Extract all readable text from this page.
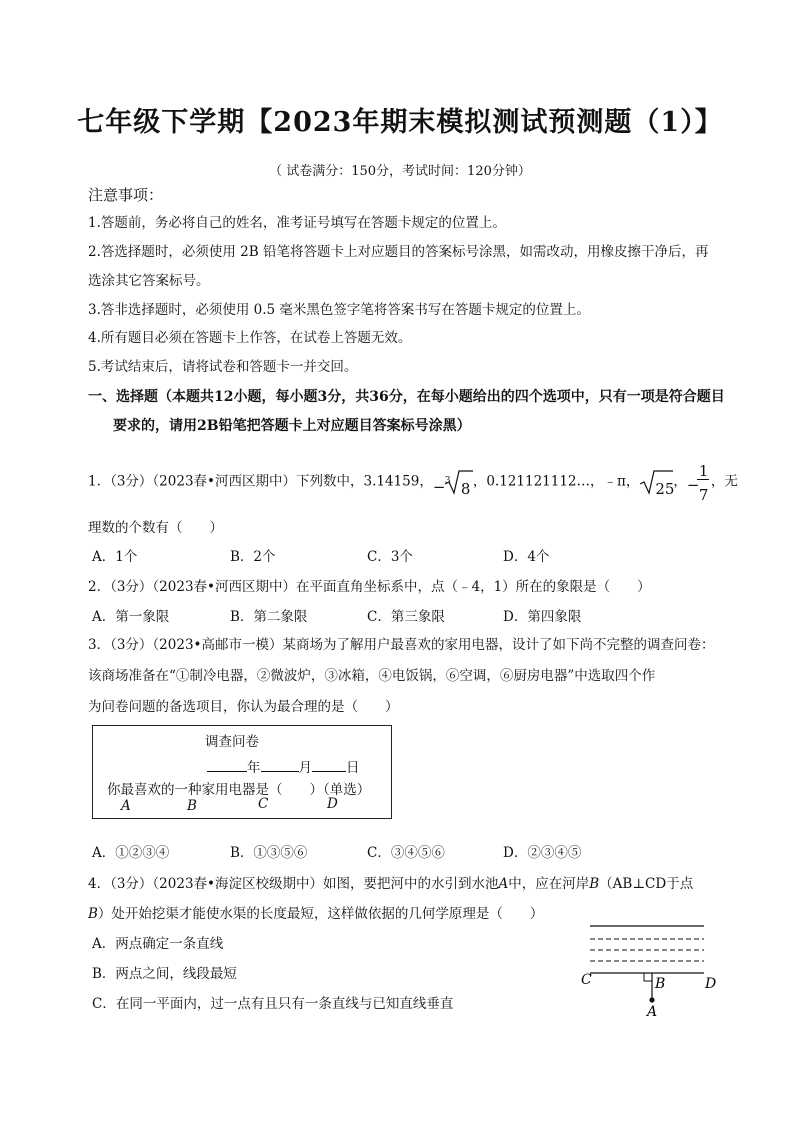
七年级下学期【2023年期末模拟测试预测题（1）】
（ 试卷满分：150分，考试时间：120分钟）
注意事项：
1.答题前，务必将自己的姓名，准考证号填写在答题卡规定的位置上。
2.答选择题时，必须使用 2B 铅笔将答题卡上对应题目的答案标号涂黑，如需改动，用橡皮擦干净后，再
选涂其它答案标号。
3.答非选择题时，必须使用 0.5 毫米黑色签字笔将答案书写在答题卡规定的位置上。
4.所有题目必须在答题卡上作答，在试卷上答题无效。
5.考试结束后，请将试卷和答题卡一并交回。
一、选择题（本题共12小题，每小题3分，共36分，在每小题给出的四个选项中，只有一项是符合题目
要求的，请用2B铅笔把答题卡上对应题目答案标号涂黑）
1．（3分）（2023春•河西区期中）下列数中，3.14159， − 3 8 ，0.121121112…，﹣π， 25
， −
1
7
，无
理数的个数有（　　）
A．1个	B．2个	C．3个	D．4个
2．（3分）（2023春•河西区期中）在平面直角坐标系中，点（﹣4，1）所在的象限是（　　）
A．第一象限	B．第二象限	C．第三象限	D．第四象限
3．（3分）（2023•高邮市一模）某商场为了解用户最喜欢的家用电器，设计了如下尚不完整的调查问卷：
该商场准备在“①制冷电器，②微波炉，③冰箱，④电饭锅，⑥空调，⑥厨房电器”中选取四个作
为问卷问题的备选项目，你认为最合理的是（　　）
调查问卷
年	月	日
你最喜欢的一种家用电器是（　　）（单选）
A	B	C	D
A．①②③④	B．①③⑤⑥	C．③④⑤⑥	D．②③④⑤
4．（3分）（2023春•海淀区校级期中）如图，要把河中的水引到水池A中，应在河岸B（AB⊥CD于点
B）处开始挖渠才能使水渠的长度最短，这样做依据的几何学原理是（　　）
A．两点确定一条直线
B．两点之间，线段最短
C．在同一平面内，过一点有且只有一条直线与已知直线垂直
C	B	D
A
